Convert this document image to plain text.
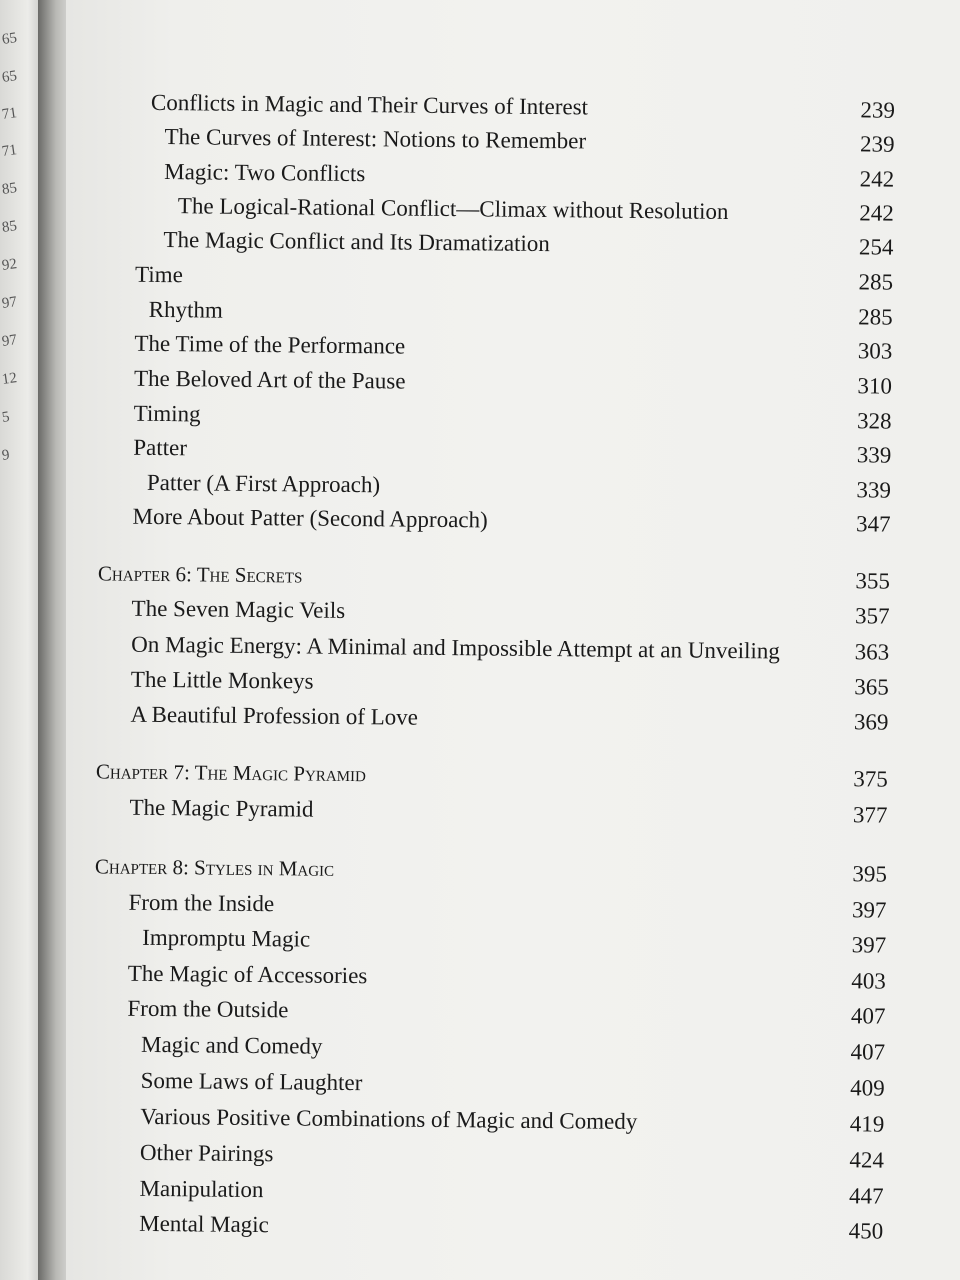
65
65
71
71
85
85
92
97
97
12
5
9
Conflicts in Magic and Their Curves of Interest	239
The Curves of Interest: Notions to Remember	239
Magic: Two Conflicts	242
The Logical-Rational Conflict—Climax without Resolution	242
The Magic Conflict and Its Dramatization	254
Time	285
Rhythm	285
The Time of the Performance	303
The Beloved Art of the Pause	310
Timing	328
Patter	339
Patter (A First Approach)	339
More About Patter (Second Approach)	347
Chapter 6: The Secrets	355
The Seven Magic Veils	357
On Magic Energy: A Minimal and Impossible Attempt at an Unveiling	363
The Little Monkeys	365
A Beautiful Profession of Love	369
Chapter 7: The Magic Pyramid	375
The Magic Pyramid	377
Chapter 8: Styles in Magic	395
From the Inside	397
Impromptu Magic	397
The Magic of Accessories	403
From the Outside	407
Magic and Comedy	407
Some Laws of Laughter	409
Various Positive Combinations of Magic and Comedy	419
Other Pairings	424
Manipulation	447
Mental Magic	450
